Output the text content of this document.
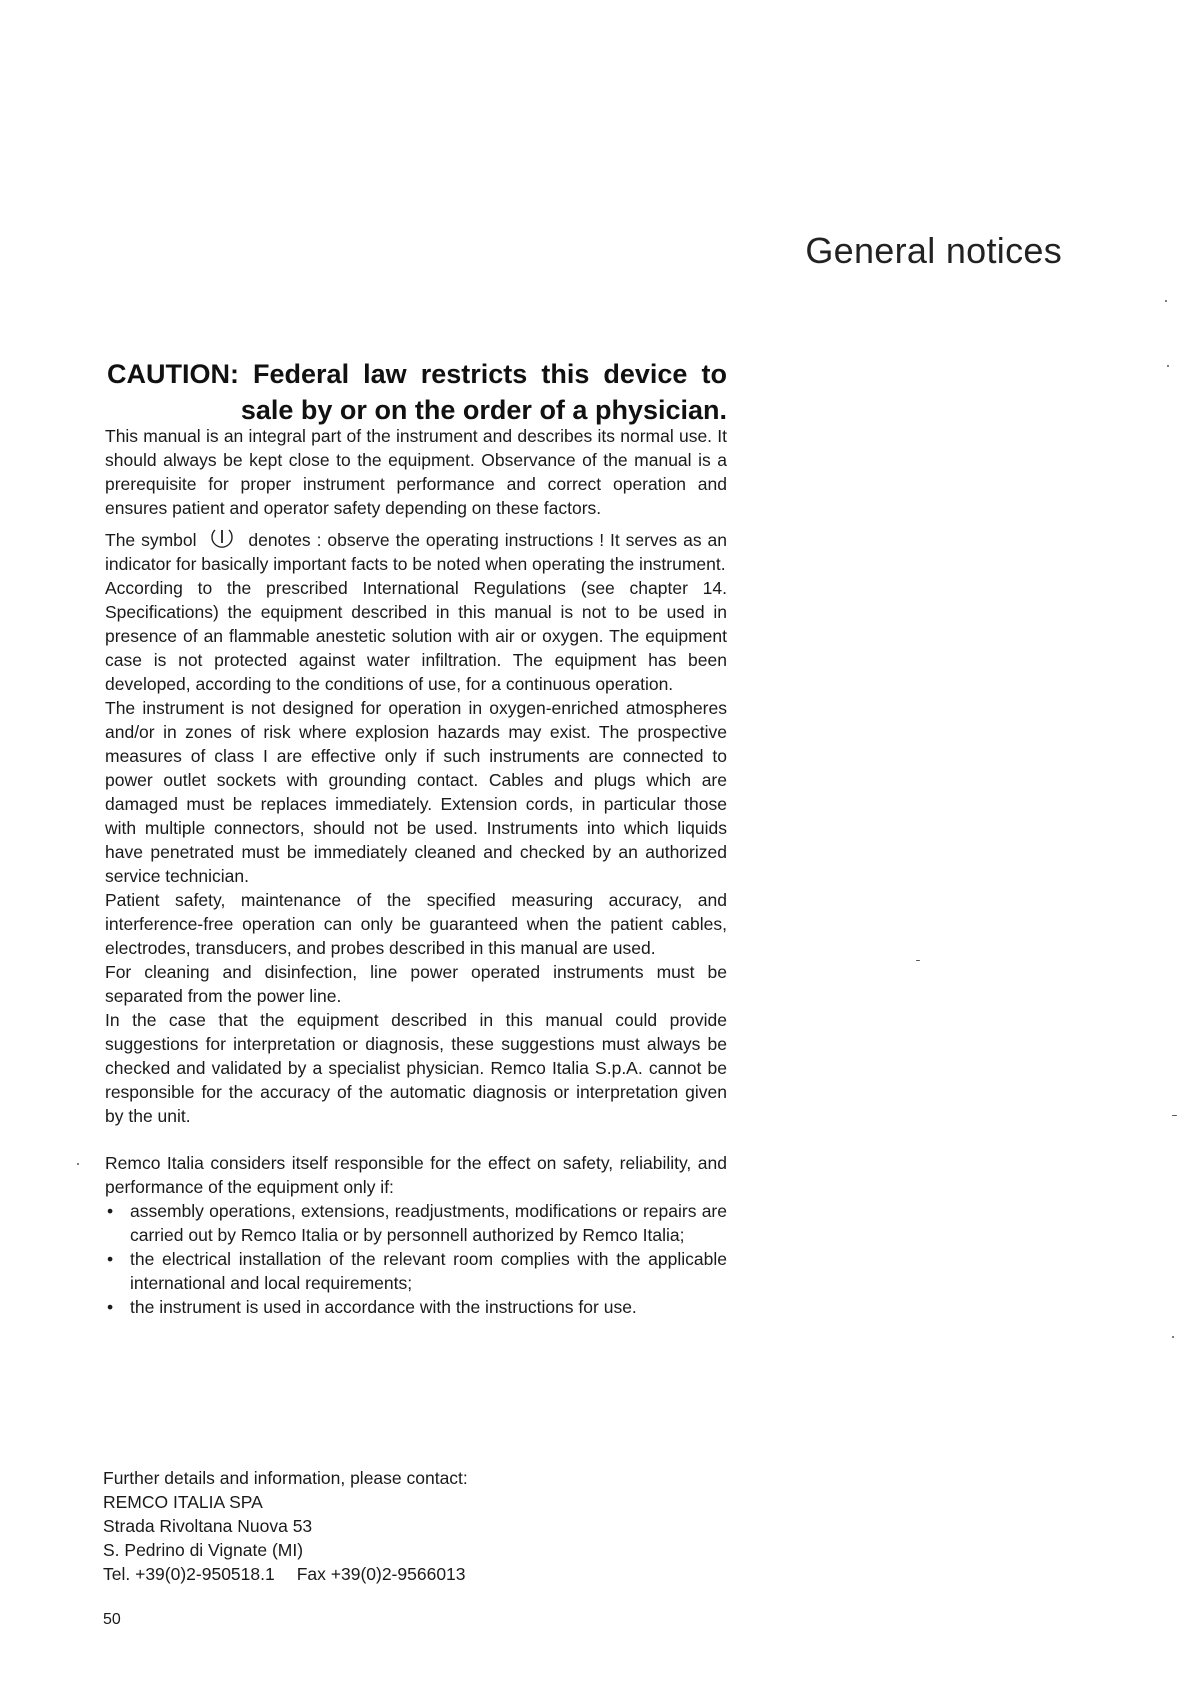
General notices
CAUTION: Federal law restricts this device to
sale by or on the order of a physician.

This manual is an integral part of the instrument and describes its normal use. It should always be kept close to the equipment. Observance of the manual is a prerequisite for proper instrument performance and correct operation and ensures patient and operator safety depending on these factors.

The symbol	denotes : observe the operating instructions ! It serves as an indicator for basically important facts to be noted when operating the instrument.

According to the prescribed International Regulations (see chapter 14. Specifications) the equipment described in this manual is not to be used in presence of an flammable anestetic solution with air or oxygen. The equipment case is not protected against water infiltration. The equipment has been developed, according to the conditions of use, for a continuous operation.

The instrument is not designed for operation in oxygen-enriched atmospheres and/or in zones of risk where explosion hazards may exist. The prospective measures of class I are effective only if such instruments are connected to power outlet sockets with grounding contact. Cables and plugs which are damaged must be replaces immediately. Extension cords, in particular those with multiple connectors, should not be used. Instruments into which liquids have penetrated must be immediately cleaned and checked by an authorized service technician.

Patient safety, maintenance of the specified measuring accuracy, and interference-free operation can only be guaranteed when the patient cables, electrodes, transducers, and probes described in this manual are used.

For cleaning and disinfection, line power operated instruments must be separated from the power line.

In the case that the equipment described in this manual could provide suggestions for interpretation or diagnosis, these suggestions must always be checked and validated by a specialist physician. Remco Italia S.p.A. cannot be responsible for the accuracy of the automatic diagnosis or interpretation given by the unit.

Remco Italia considers itself responsible for the effect on safety, reliability, and performance of the equipment only if:

• assembly operations, extensions, readjustments, modifications or repairs are carried out by Remco Italia or by personnell authorized by Remco Italia;
• the electrical installation of the relevant room complies with the applicable international and local requirements;
• the instrument is used in accordance with the instructions for use.
Further details and information, please contact:
REMCO ITALIA SPA
Strada Rivoltana Nuova 53
S. Pedrino di Vignate (MI)
Tel. +39(0)2-950518.1 Fax +39(0)2-9566013
50
